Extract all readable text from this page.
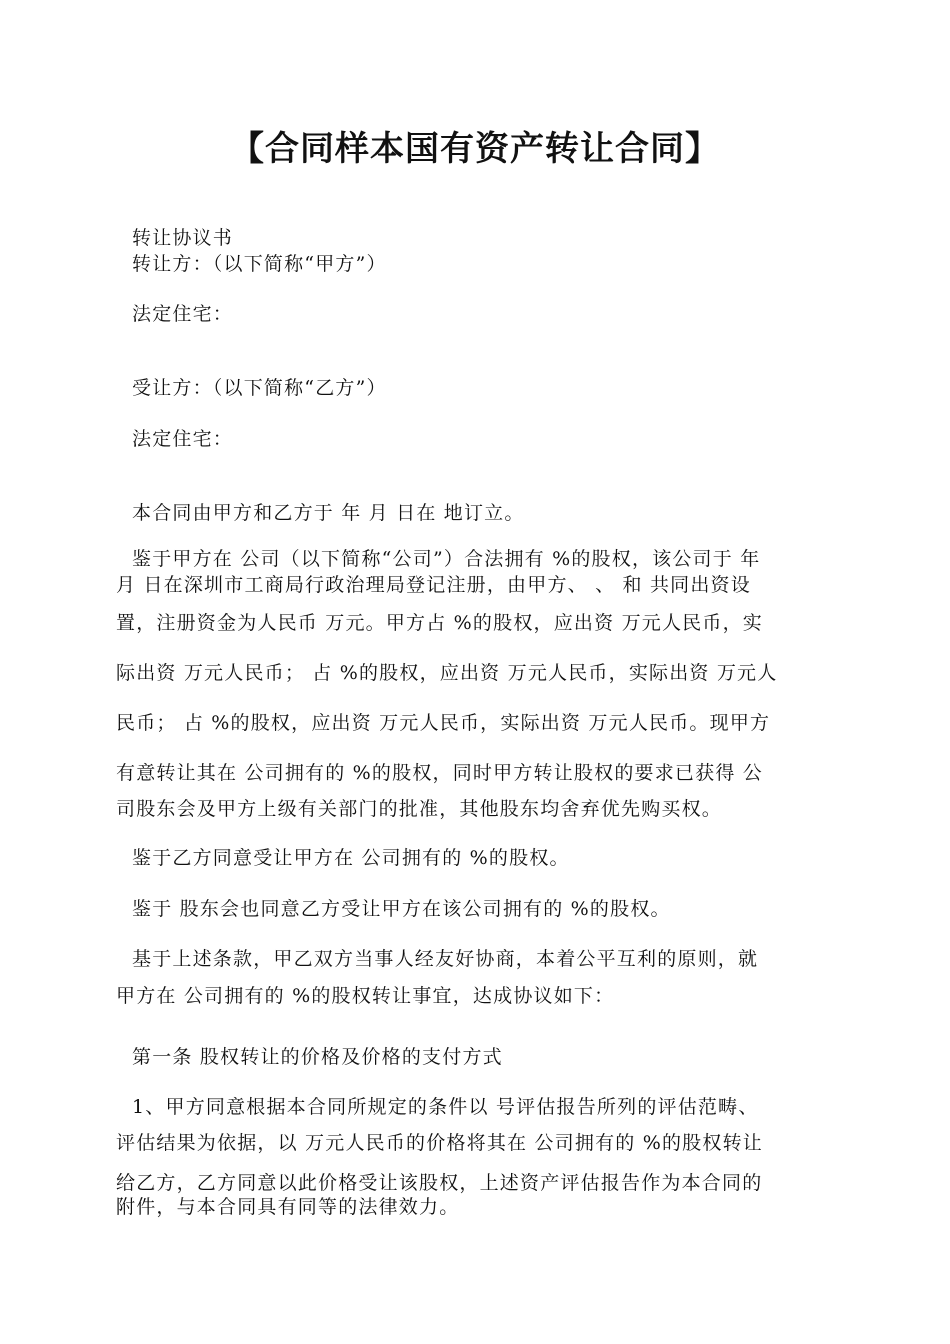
【合同样本国有资产转让合同】

转让协议书

转让方：（以下简称“甲方”）

法定住宅：

受让方：（以下简称“乙方”）

法定住宅：

本合同由甲方和乙方于 年 月 日在 地订立。

鉴于甲方在 公司（以下简称“公司”）合法拥有 %的股权，该公司于 年

月 日在深圳市工商局行政治理局登记注册，由甲方、 、 和 共同出资设

置，注册资金为人民币 万元。甲方占 %的股权，应出资 万元人民币，实

际出资 万元人民币； 占 %的股权，应出资 万元人民币，实际出资 万元人

民币； 占 %的股权，应出资 万元人民币，实际出资 万元人民币。现甲方

有意转让其在 公司拥有的 %的股权，同时甲方转让股权的要求已获得 公

司股东会及甲方上级有关部门的批准，其他股东均舍弃优先购买权。

鉴于乙方同意受让甲方在 公司拥有的 %的股权。

鉴于 股东会也同意乙方受让甲方在该公司拥有的 %的股权。

基于上述条款，甲乙双方当事人经友好协商，本着公平互利的原则，就

甲方在 公司拥有的 %的股权转让事宜，达成协议如下：

第一条 股权转让的价格及价格的支付方式

1、甲方同意根据本合同所规定的条件以 号评估报告所列的评估范畴、

评估结果为依据，以 万元人民币的价格将其在 公司拥有的 %的股权转让

给乙方，乙方同意以此价格受让该股权，上述资产评估报告作为本合同的

附件，与本合同具有同等的法律效力。
